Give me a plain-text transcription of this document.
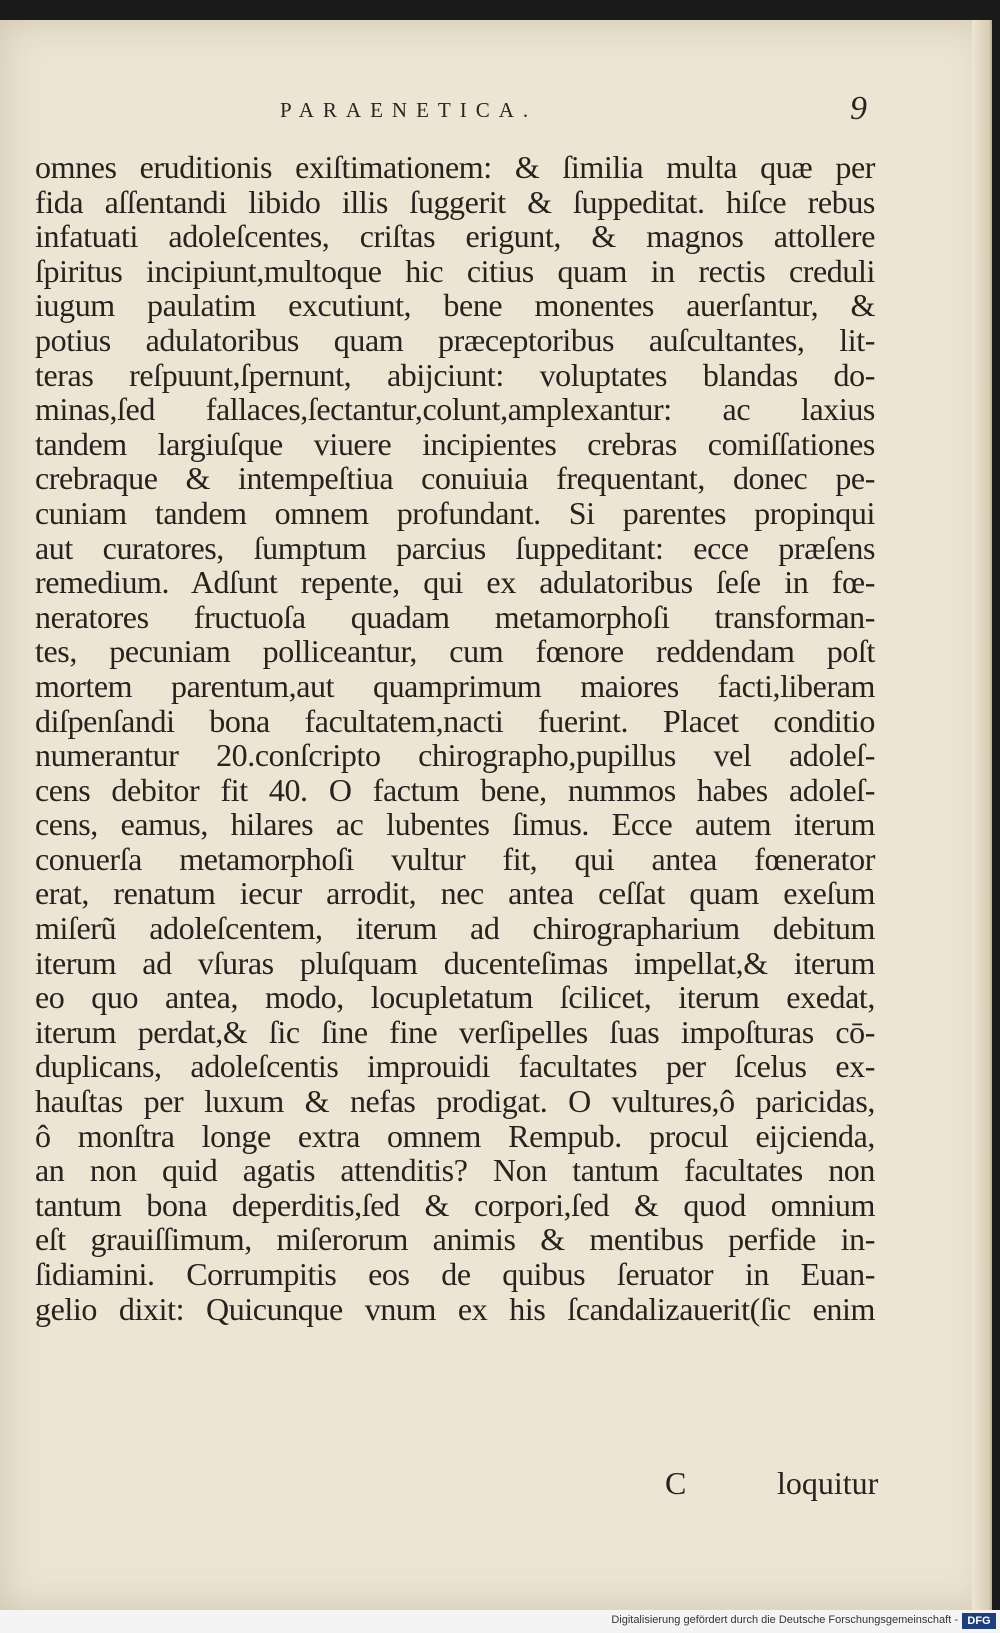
PARAENETICA.	9
omnes eruditionis exiſtimationem: & ſimilia multa quæ per
fida aſſentandi libido illis ſuggerit & ſuppeditat. hiſce rebus
infatuati adoleſcentes, criſtas erigunt, & magnos attollere
ſpiritus incipiunt,multoque hic citius quam in rectis creduli
iugum paulatim excutiunt, bene monentes auerſantur, &
potius adulatoribus quam præceptoribus auſcultantes, lit-
teras reſpuunt,ſpernunt, abijciunt: voluptates blandas do-
minas,ſed fallaces,ſectantur,colunt,amplexantur: ac laxius
tandem largiuſque viuere incipientes crebras comiſſationes
crebraque & intempeſtiua conuiuia frequentant, donec pe-
cuniam tandem omnem profundant. Si parentes propinqui
aut curatores, ſumptum parcius ſuppeditant: ecce præſens
remedium. Adſunt repente, qui ex adulatoribus ſeſe in fœ-
neratores fructuoſa quadam metamorphoſi transforman-
tes, pecuniam polliceantur, cum fœnore reddendam poſt
mortem parentum,aut quamprimum maiores facti,liberam
diſpenſandi bona facultatem,nacti fuerint. Placet conditio
numerantur 20.conſcripto chirographo,pupillus vel adoleſ-
cens debitor fit 40. O factum bene, nummos habes adoleſ-
cens, eamus, hilares ac lubentes ſimus. Ecce autem iterum
conuerſa metamorphoſi vultur fit, qui antea fœnerator
erat, renatum iecur arrodit, nec antea ceſſat quam exeſum
miſerũ adoleſcentem, iterum ad chirographarium debitum
iterum ad vſuras pluſquam ducenteſimas impellat,& iterum
eo quo antea, modo, locupletatum ſcilicet, iterum exedat,
iterum perdat,& ſic ſine fine verſipelles ſuas impoſturas cō-
duplicans, adoleſcentis improuidi facultates per ſcelus ex-
hauſtas per luxum & nefas prodigat. O vultures,ô paricidas,
ô monſtra longe extra omnem Rempub. procul eijcienda,
an non quid agatis attenditis? Non tantum facultates non
tantum bona deperditis,ſed & corpori,ſed & quod omnium
eſt grauiſſimum, miſerorum animis & mentibus perfide in-
ſidiamini. Corrumpitis eos de quibus ſeruator in Euan-
gelio dixit: Quicunque vnum ex his ſcandalizauerit(ſic enim
C	loquitur
Digitalisierung gefördert durch die Deutsche Forschungsgemeinschaft - DFG
